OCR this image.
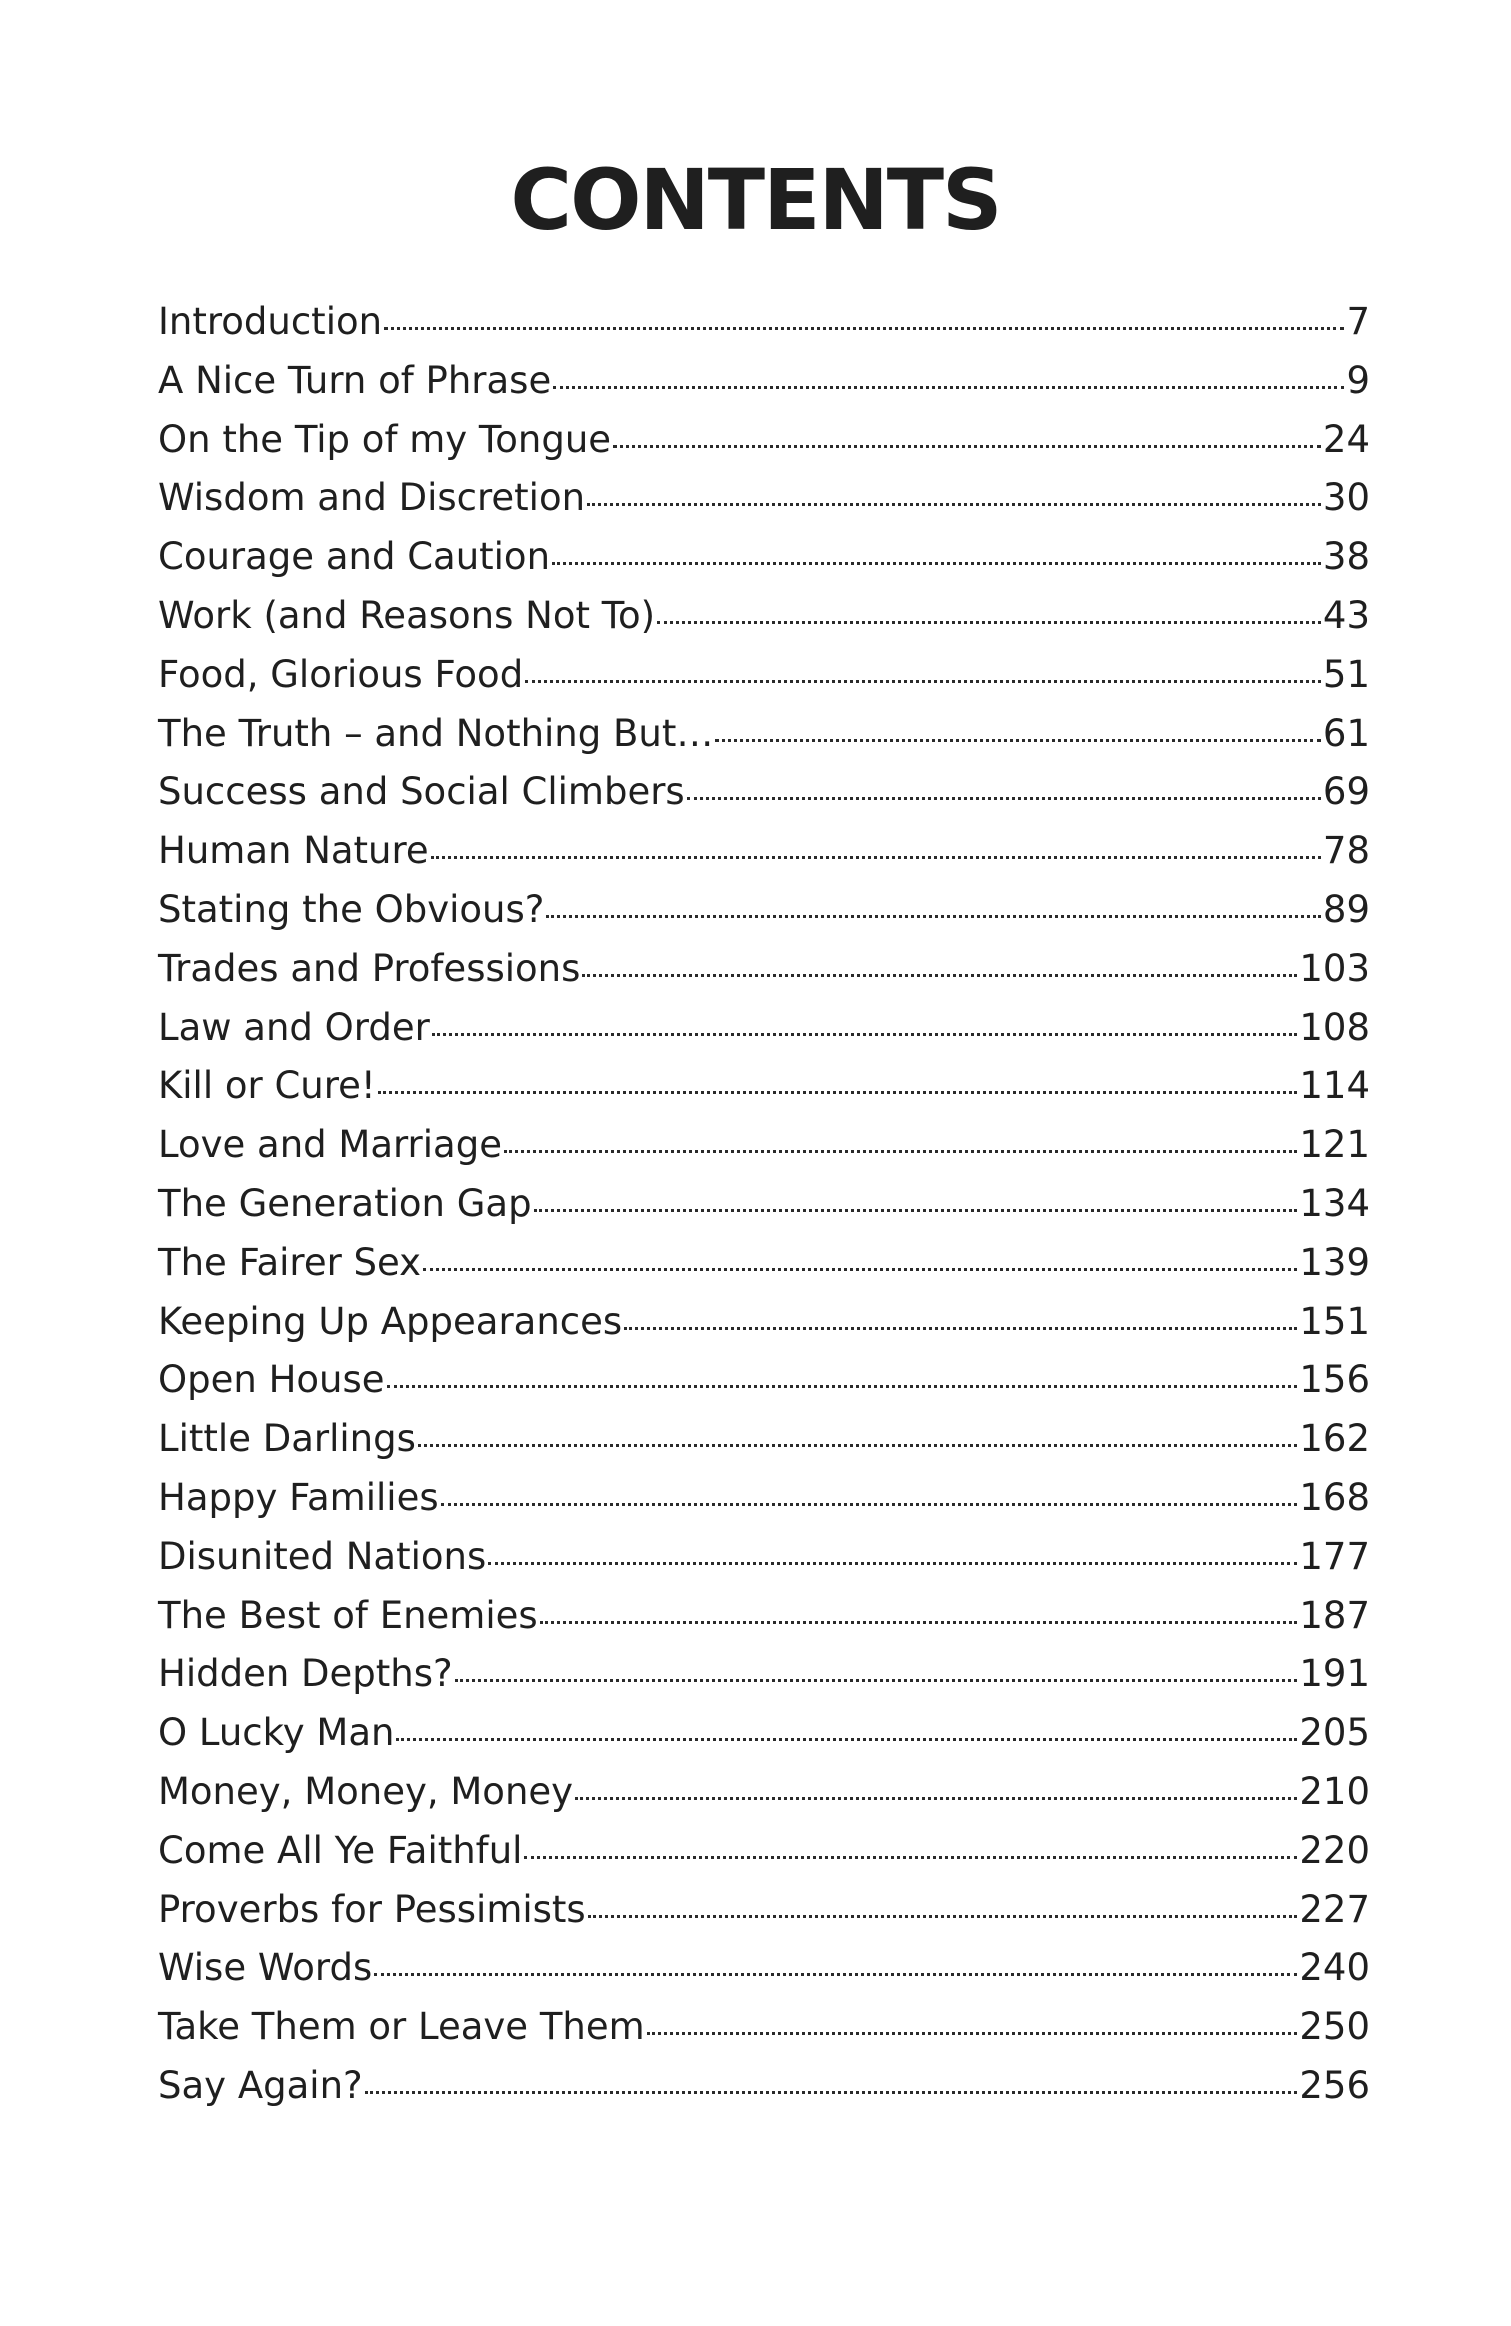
CONTENTS
Introduction	7
A Nice Turn of Phrase	9
On the Tip of my Tongue	24
Wisdom and Discretion	30
Courage and Caution	38
Work (and Reasons Not To)	43
Food, Glorious Food	51
The Truth – and Nothing But…	61
Success and Social Climbers	69
Human Nature	78
Stating the Obvious?	89
Trades and Professions	103
Law and Order	108
Kill or Cure!	114
Love and Marriage	121
The Generation Gap	134
The Fairer Sex	139
Keeping Up Appearances	151
Open House	156
Little Darlings	162
Happy Families	168
Disunited Nations	177
The Best of Enemies	187
Hidden Depths?	191
O Lucky Man	205
Money, Money, Money	210
Come All Ye Faithful	220
Proverbs for Pessimists	227
Wise Words	240
Take Them or Leave Them	250
Say Again?	256
